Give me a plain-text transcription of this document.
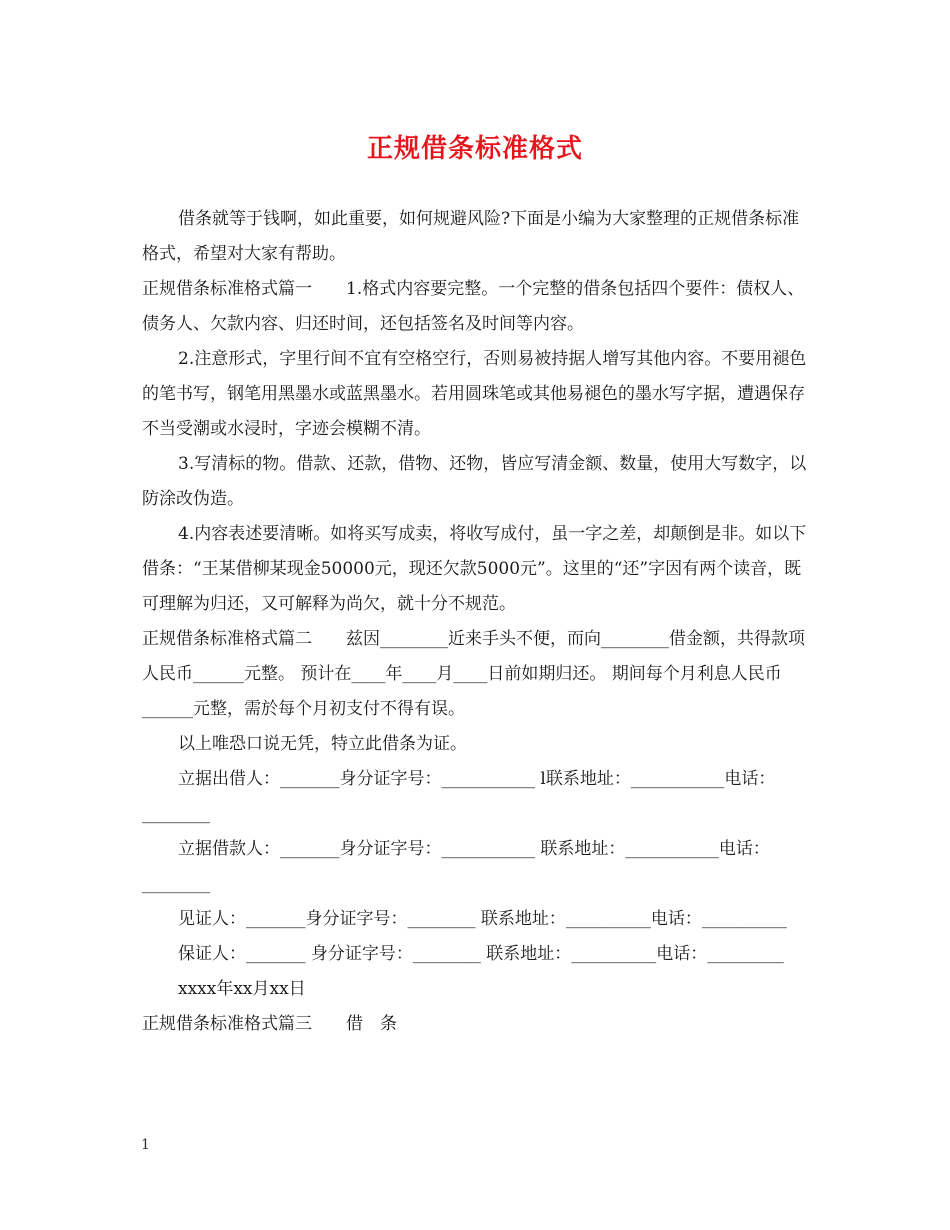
正规借条标准格式

借条就等于钱啊，如此重要，如何规避风险?下面是小编为大家整理的正规借条标准格式，希望对大家有帮助。

正规借条标准格式篇一　　1.格式内容要完整。一个完整的借条包括四个要件：债权人、债务人、欠款内容、归还时间，还包括签名及时间等内容。

2.注意形式，字里行间不宜有空格空行，否则易被持据人增写其他内容。不要用褪色的笔书写，钢笔用黑墨水或蓝黑墨水。若用圆珠笔或其他易褪色的墨水写字据，遭遇保存不当受潮或水浸时，字迹会模糊不清。

3.写清标的物。借款、还款，借物、还物，皆应写清金额、数量，使用大写数字，以防涂改伪造。

4.内容表述要清晰。如将买写成卖，将收写成付，虽一字之差，却颠倒是非。如以下借条：“王某借柳某现金50000元，现还欠款5000元”。这里的“还”字因有两个读音，既可理解为归还，又可解释为尚欠，就十分不规范。

正规借条标准格式篇二　　兹因________近来手头不便，而向________借金额，共得款项人民币______元整。 预计在____年____月____日前如期归还。 期间每个月利息人民币______元整，需於每个月初支付不得有误。

以上唯恐口说无凭，特立此借条为证。

立据出借人：_______身分证字号：___________ l联系地址：___________电话：________

立据借款人：_______身分证字号：___________ 联系地址：___________电话：________

见证人：_______身分证字号：________ 联系地址：__________电话：__________

保证人：_______ 身分证字号：________ 联系地址：__________电话：_________

xxxx年xx月xx日

正规借条标准格式篇三　　借　条

1
